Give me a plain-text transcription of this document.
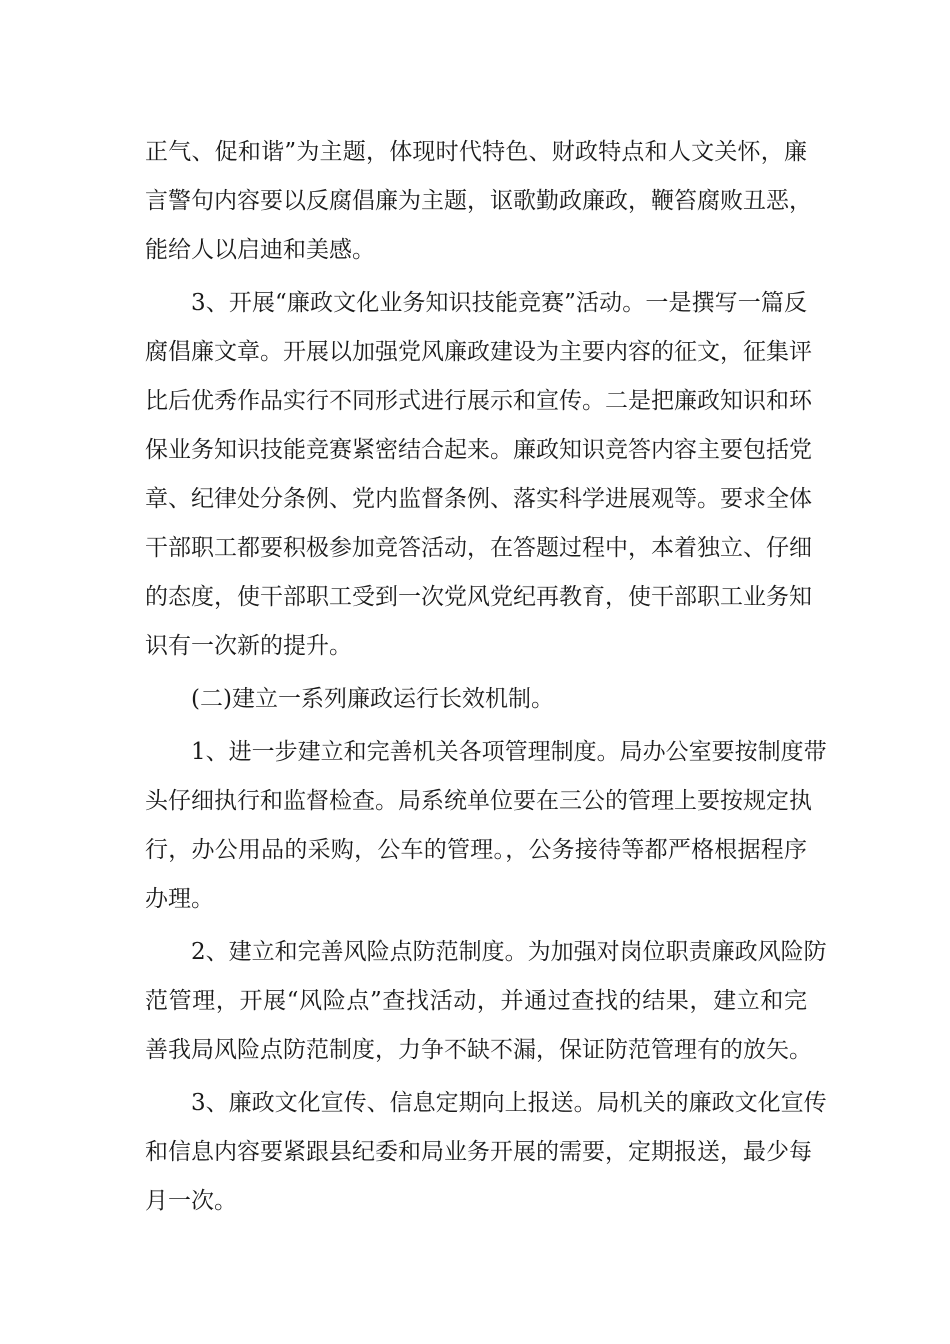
正气、促和谐”为主题，体现时代特色、财政特点和人文关怀，廉
言警句内容要以反腐倡廉为主题，讴歌勤政廉政，鞭笞腐败丑恶，
能给人以启迪和美感。
3、开展“廉政文化业务知识技能竞赛”活动。一是撰写一篇反
腐倡廉文章。开展以加强党风廉政建设为主要内容的征文，征集评
比后优秀作品实行不同形式进行展示和宣传。二是把廉政知识和环
保业务知识技能竞赛紧密结合起来。廉政知识竞答内容主要包括党
章、纪律处分条例、党内监督条例、落实科学进展观等。要求全体
干部职工都要积极参加竞答活动，在答题过程中，本着独立、仔细
的态度，使干部职工受到一次党风党纪再教育，使干部职工业务知
识有一次新的提升。
(二)建立一系列廉政运行长效机制。
1、进一步建立和完善机关各项管理制度。局办公室要按制度带
头仔细执行和监督检查。局系统单位要在三公的管理上要按规定执
行，办公用品的采购，公车的管理。，公务接待等都严格根据程序
办理。
2、建立和完善风险点防范制度。为加强对岗位职责廉政风险防
范管理，开展“风险点”查找活动，并通过查找的结果，建立和完
善我局风险点防范制度，力争不缺不漏，保证防范管理有的放矢。
3、廉政文化宣传、信息定期向上报送。局机关的廉政文化宣传
和信息内容要紧跟县纪委和局业务开展的需要，定期报送，最少每
月一次。
